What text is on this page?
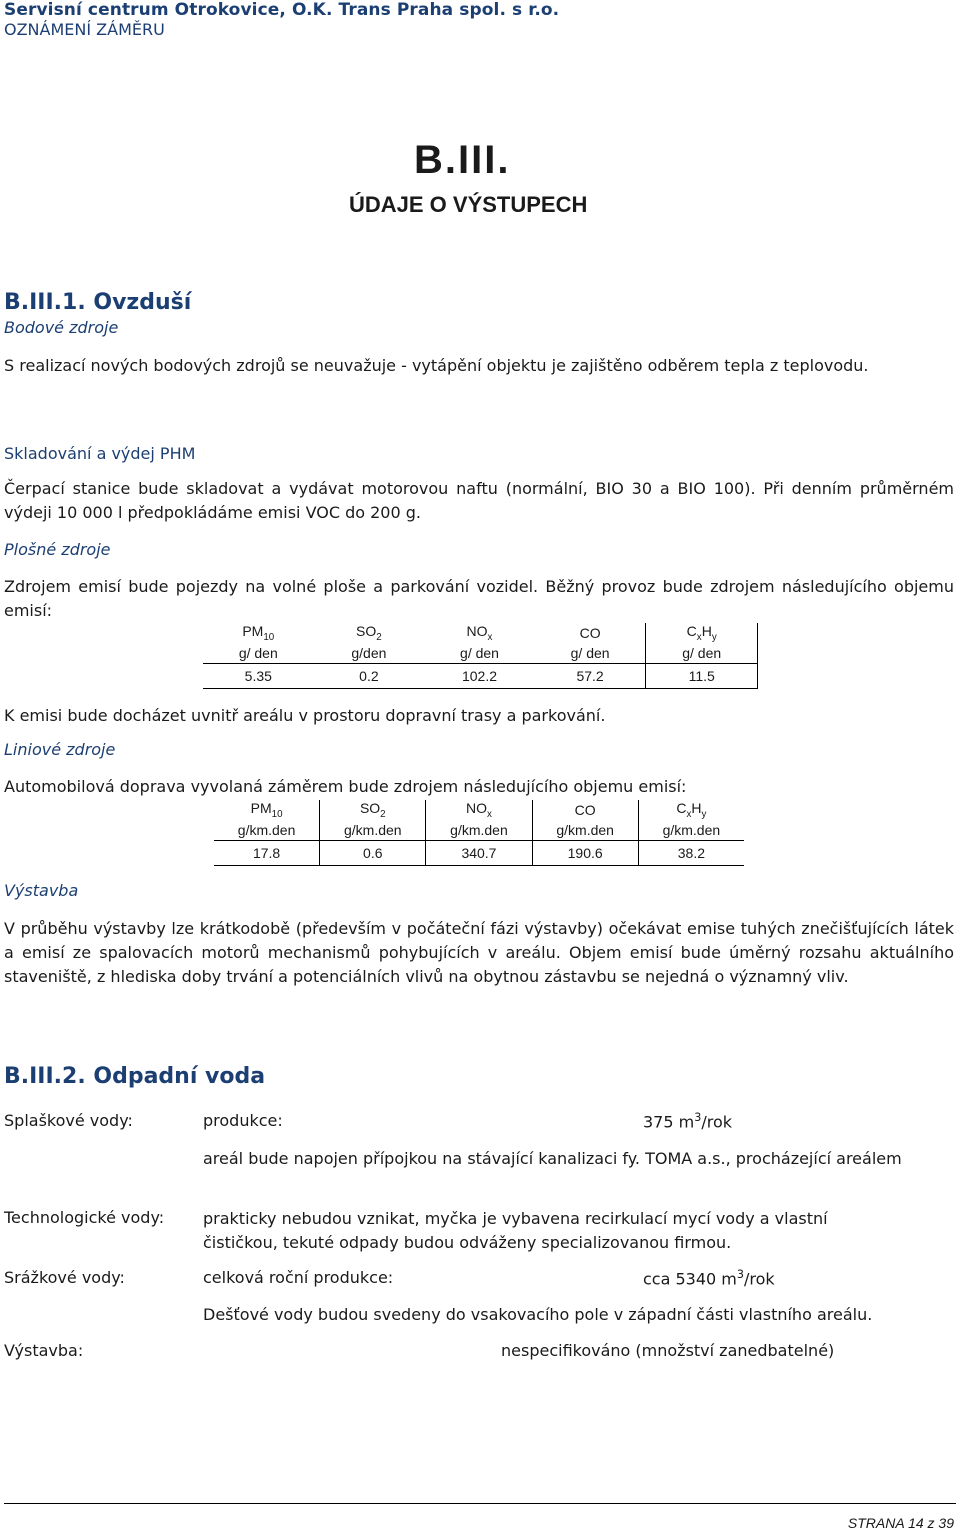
Servisní centrum Otrokovice, O.K. Trans Praha spol. s r.o.
OZNÁMENÍ ZÁMĚRU
B.III.
ÚDAJE O VÝSTUPECH
B.III.1. Ovzduší
Bodové zdroje
S realizací nových bodových zdrojů se neuvažuje - vytápění objektu je zajištěno odběrem tepla z teplovodu.
Skladování a výdej PHM
Čerpací stanice bude skladovat a vydávat motorovou naftu (normální, BIO 30 a BIO 100). Při denním průměrném výdeji 10 000 l předpokládáme emisi VOC do 200 g.
Plošné zdroje
Zdrojem emisí bude pojezdy na volné ploše a parkování vozidel. Běžný provoz bude zdrojem následujícího objemu emisí:
$PM_{10}$	$SO_2$	$NO_x$	CO	$C_xH_y$
g/ den	g/den	g/ den	g/ den	g/ den
5.35	0.2	102.2	57.2	11.5
K emisi bude docházet uvnitř areálu v prostoru dopravní trasy a parkování.
Liniové zdroje
Automobilová doprava vyvolaná záměrem bude zdrojem následujícího objemu emisí:
$PM_{10}$	$SO_2$	$NO_x$	CO	$C_xH_y$
g/km.den	g/km.den	g/km.den	g/km.den	g/km.den
17.8	0.6	340.7	190.6	38.2
Výstavba
V průběhu výstavby lze krátkodobě (především v počáteční fázi výstavby) očekávat emise tuhých znečišťujících látek a emisí ze spalovacích motorů mechanismů pohybujících v areálu. Objem emisí bude úměrný rozsahu aktuálního staveniště, z hlediska doby trvání a potenciálních vlivů na obytnou zástavbu se nejedná o významný vliv.
B.III.2. Odpadní voda
Splaškové vody:	produkce:	375 $m^3$/rok
areál bude napojen přípojkou na stávající kanalizaci fy. TOMA a.s., procházející areálem
Technologické vody: prakticky nebudou vznikat, myčka je vybavena recirkulací mycí vody a vlastní čističkou, tekuté odpady budou odváženy specializovanou firmou.
Srážkové vody:	celková roční produkce:	cca 5340 $m^3$/rok
Dešťové vody budou svedeny do vsakovacího pole v západní části vlastního areálu.
Výstavba:	nespecifikováno (množství zanedbatelné)
STRANA 14 z 39
